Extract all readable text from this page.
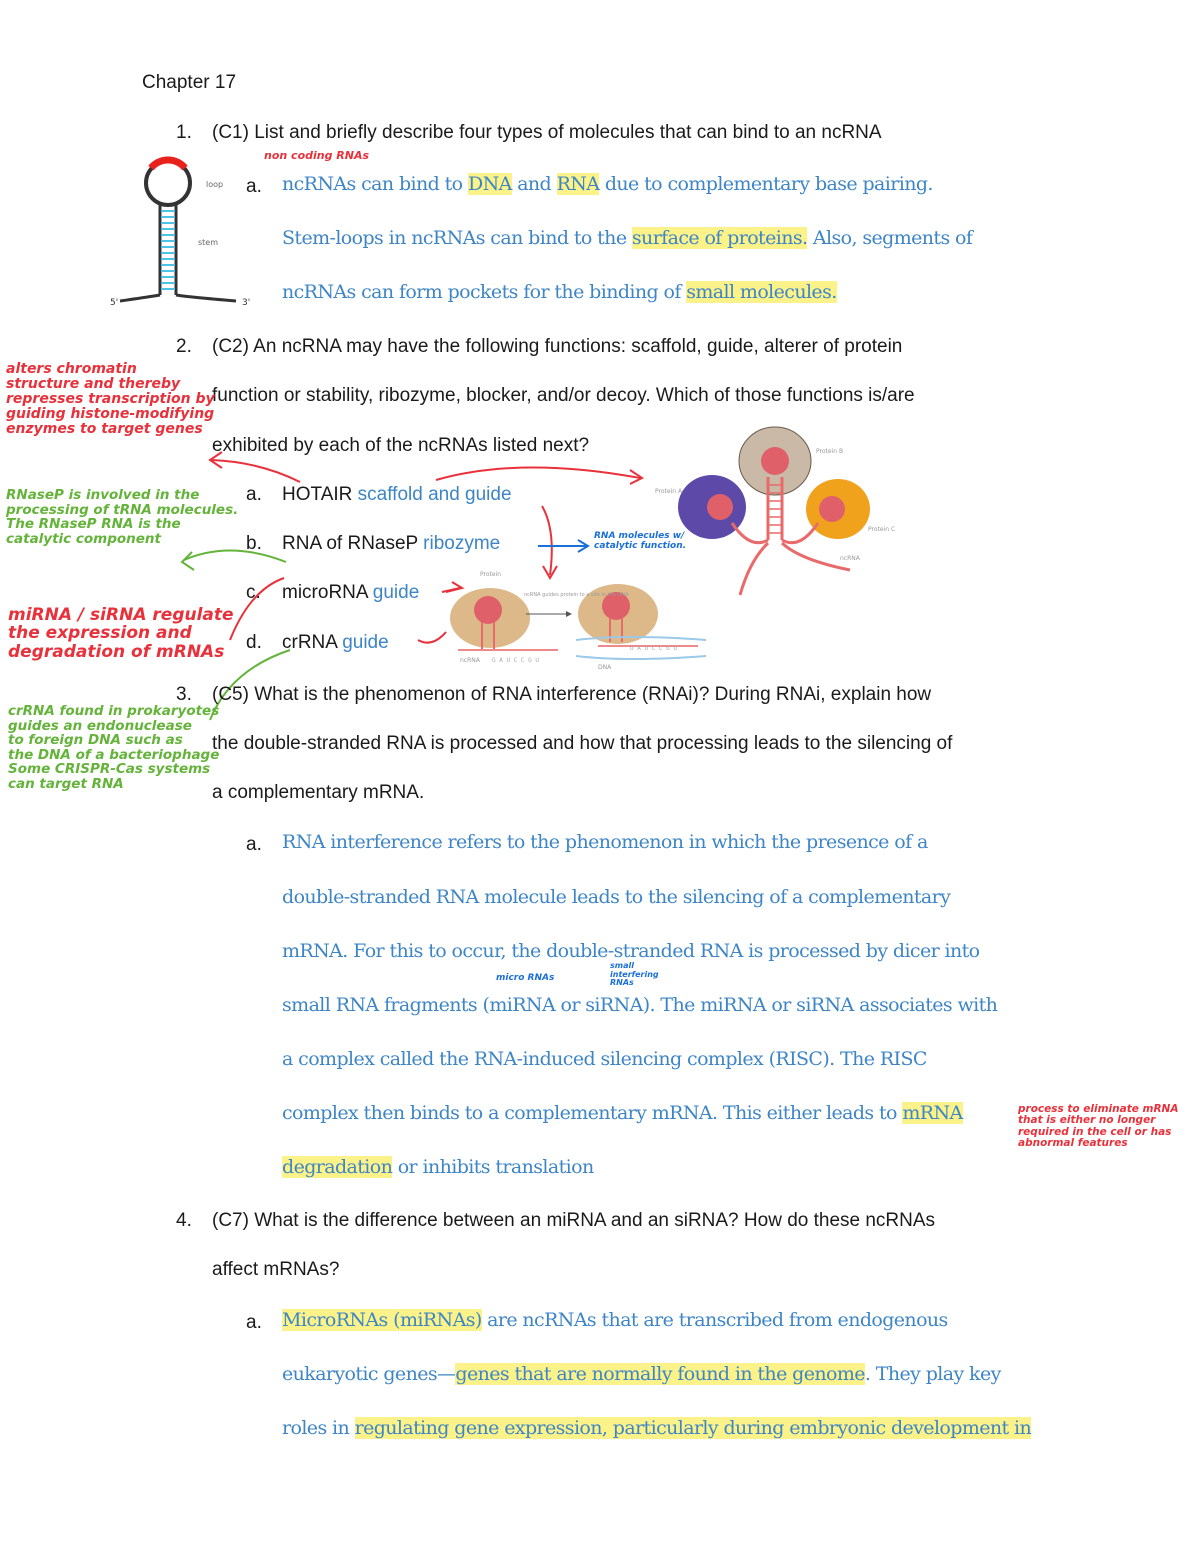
Chapter 17
1. (C1) List and briefly describe four types of molecules that can bind to an ncRNA
loop
stem
5'	3'
non coding RNAs
a. ncRNAs can bind to DNA and RNA due to complementary base pairing.
Stem-loops in ncRNAs can bind to the surface of proteins. Also, segments of
ncRNAs can form pockets for the binding of small molecules.
2. (C2) An ncRNA may have the following functions: scaffold, guide, alterer of protein
function or stability, ribozyme, blocker, and/or decoy. Which of those functions is/are
exhibited by each of the ncRNAs listed next?
a. HOTAIR scaffold and guide
b. RNA of RNaseP ribozyme
c. microRNA guide
d. crRNA guide
Protein A
Protein B
Protein C
ncRNA
Protein
ncRNA guides protein to a site in the DNA
ncRNA G A U C C G U
G A U C C G U
DNA
alters chromatin
structure and thereby
represses transcription by
guiding histone-modifying
enzymes to target genes
RNaseP is involved in the
processing of tRNA molecules.
The RNaseP RNA is the
catalytic component
miRNA / siRNA regulate
the expression and
degradation of mRNAs
crRNA found in prokaryotes
guides an endonuclease
to foreign DNA such as
the DNA of a bacteriophage
Some CRISPR-Cas systems
can target RNA
RNA molecules w/
catalytic function.
3. (C5) What is the phenomenon of RNA interference (RNAi)? During RNAi, explain how
the double-stranded RNA is processed and how that processing leads to the silencing of
a complementary mRNA.
a. RNA interference refers to the phenomenon in which the presence of a
double-stranded RNA molecule leads to the silencing of a complementary
mRNA. For this to occur, the double-stranded RNA is processed by dicer into
small RNA fragments (miRNA or siRNA). The miRNA or siRNA associates with
a complex called the RNA-induced silencing complex (RISC). The RISC
complex then binds to a complementary mRNA. This either leads to mRNA
degradation or inhibits translation
micro RNAs
small
interfering
RNAs
process to eliminate mRNA
that is either no longer
required in the cell or has
abnormal features
4. (C7) What is the difference between an miRNA and an siRNA? How do these ncRNAs
affect mRNAs?
a. MicroRNAs (miRNAs) are ncRNAs that are transcribed from endogenous
eukaryotic genes—genes that are normally found in the genome. They play key
roles in regulating gene expression, particularly during embryonic development in
